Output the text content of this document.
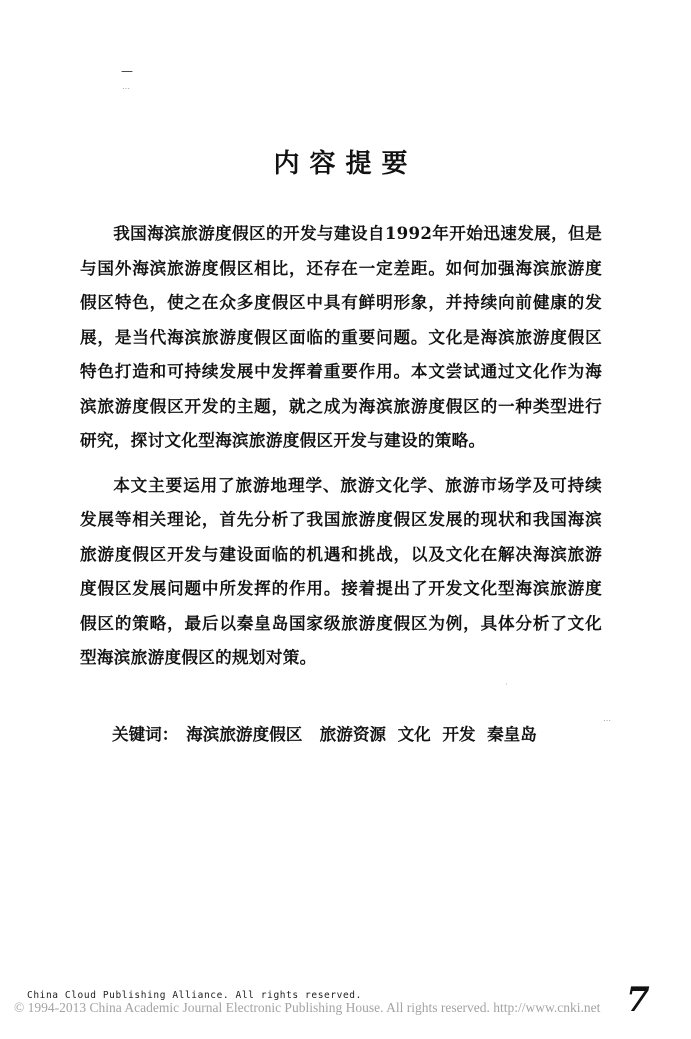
—
⋯
⋯
·
内容提要

我国海滨旅游度假区的开发与建设自1992年开始迅速发展，但是与国外海滨旅游度假区相比，还存在一定差距。如何加强海滨旅游度假区特色，使之在众多度假区中具有鲜明形象，并持续向前健康的发展，是当代海滨旅游度假区面临的重要问题。文化是海滨旅游度假区特色打造和可持续发展中发挥着重要作用。本文尝试通过文化作为海滨旅游度假区开发的主题，就之成为海滨旅游度假区的一种类型进行研究，探讨文化型海滨旅游度假区开发与建设的策略。

本文主要运用了旅游地理学、旅游文化学、旅游市场学及可持续发展等相关理论，首先分析了我国旅游度假区发展的现状和我国海滨旅游度假区开发与建设面临的机遇和挑战，以及文化在解决海滨旅游度假区发展问题中所发挥的作用。接着提出了开发文化型海滨旅游度假区的策略，最后以秦皇岛国家级旅游度假区为例，具体分析了文化型海滨旅游度假区的规划对策。

关键词： 海滨旅游度假区 旅游资源 文化 开发 秦皇岛
China Cloud Publishing Alliance. All rights reserved.
© 1994-2013 China Academic Journal Electronic Publishing House. All rights reserved. http://www.cnki.net 7
